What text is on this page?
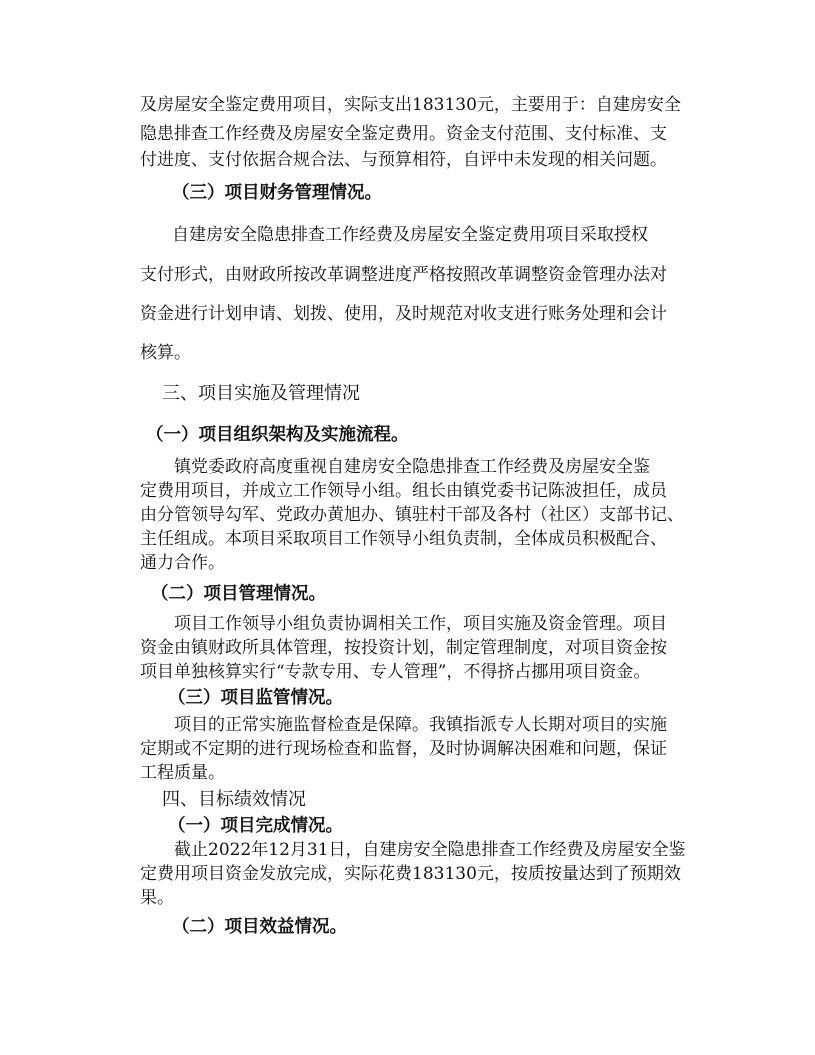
及房屋安全鉴定费用项目，实际支出183130元，主要用于：自建房安全
隐患排查工作经费及房屋安全鉴定费用。资金支付范围、支付标准、支
付进度、支付依据合规合法、与预算相符，自评中未发现的相关问题。
（三）项目财务管理情况。
自建房安全隐患排查工作经费及房屋安全鉴定费用项目采取授权
支付形式，由财政所按改革调整进度严格按照改革调整资金管理办法对
资金进行计划申请、划拨、使用，及时规范对收支进行账务处理和会计
核算。
三、项目实施及管理情况
（一）项目组织架构及实施流程。
镇党委政府高度重视自建房安全隐患排查工作经费及房屋安全鉴
定费用项目，并成立工作领导小组。组长由镇党委书记陈波担任，成员
由分管领导勾军、党政办黄旭办、镇驻村干部及各村（社区）支部书记、
主任组成。本项目采取项目工作领导小组负责制，全体成员积极配合、
通力合作。
（二）项目管理情况。
项目工作领导小组负责协调相关工作，项目实施及资金管理。项目
资金由镇财政所具体管理，按投资计划，制定管理制度，对项目资金按
项目单独核算实行“专款专用、专人管理”，不得挤占挪用项目资金。
（三）项目监管情况。
项目的正常实施监督检查是保障。我镇指派专人长期对项目的实施
定期或不定期的进行现场检查和监督，及时协调解决困难和问题，保证
工程质量。
四、目标绩效情况
（一）项目完成情况。
截止2022年12月31日，自建房安全隐患排查工作经费及房屋安全鉴
定费用项目资金发放完成，实际花费183130元，按质按量达到了预期效
果。
（二）项目效益情况。
